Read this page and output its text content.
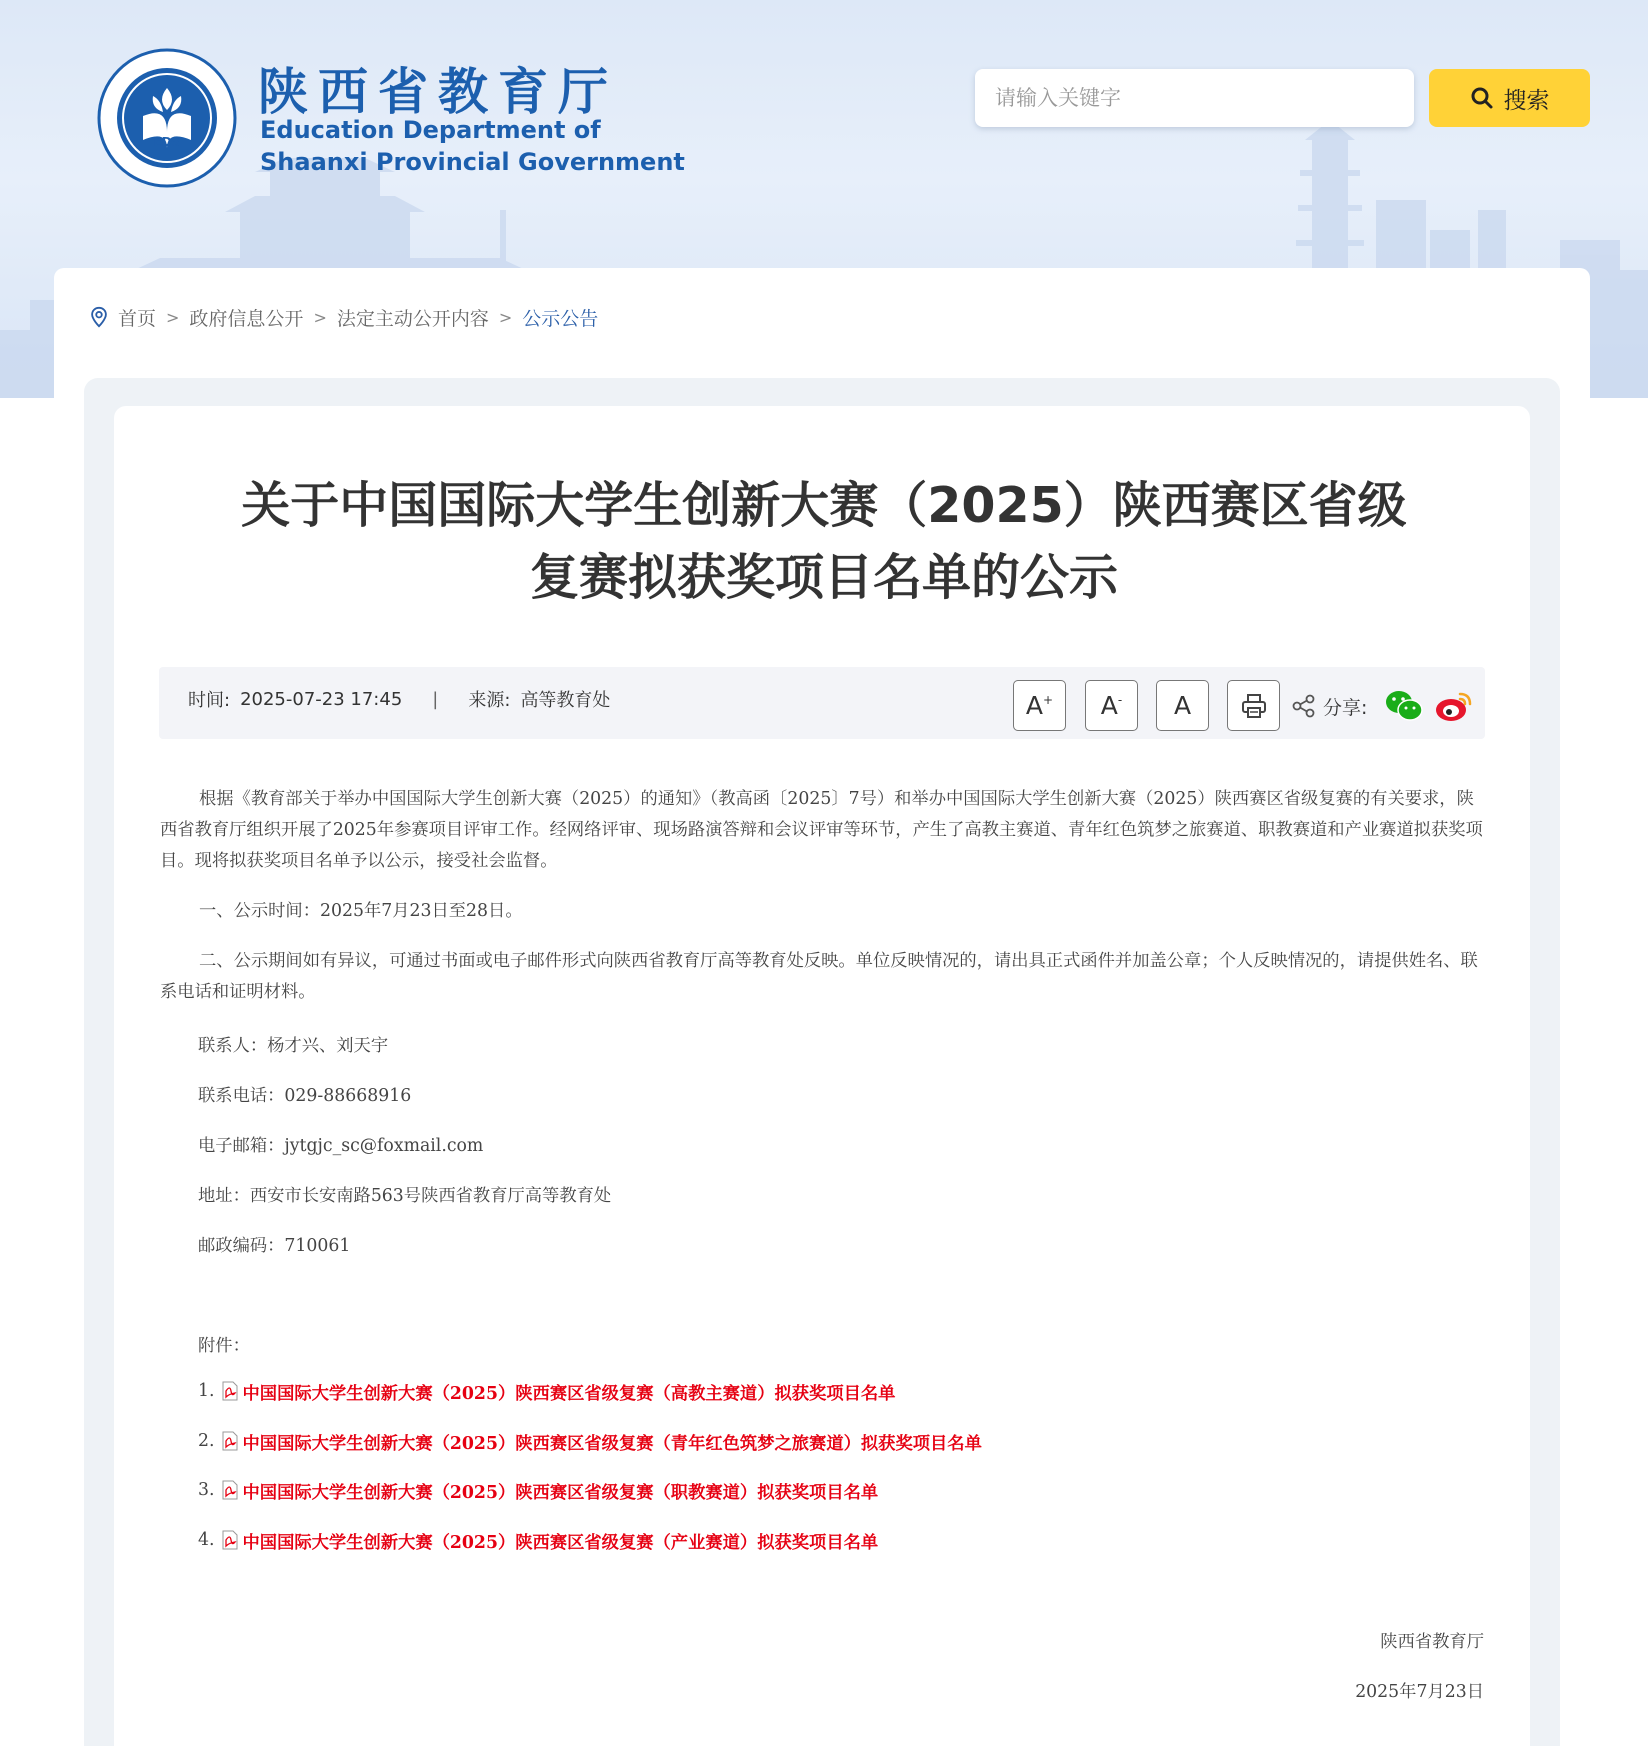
EDS
陕西省教育厅
Education Department of
Shaanxi Provincial Government
请输入关键字
搜索
首页 > 政府信息公开 > 法定主动公开内容 > 公示公告
关于中国国际大学生创新大赛（2025）陕西赛区省级
复赛拟获奖项目名单的公示
时间: 2025-07-23 17:45 | 来源: 高等教育处	A+ A- A	分享:

根据《教育部关于举办中国国际大学生创新大赛（2025）的通知》（教高函〔2025〕7号）和举办中国国际大学生创新大赛（2025）陕西赛区省级复赛的有关要求，陕西省教育厅组织开展了2025年参赛项目评审工作。经网络评审、现场路演答辩和会议评审等环节，产生了高教主赛道、青年红色筑梦之旅赛道、职教赛道和产业赛道拟获奖项目。现将拟获奖项目名单予以公示，接受社会监督。

一、公示时间：2025年7月23日至28日。

二、公示期间如有异议，可通过书面或电子邮件形式向陕西省教育厅高等教育处反映。单位反映情况的，请出具正式函件并加盖公章；个人反映情况的，请提供姓名、联系电话和证明材料。

联系人：杨才兴、刘天宇
联系电话：029-88668916
电子邮箱：jytgjc_sc@foxmail.com
地址：西安市长安南路563号陕西省教育厅高等教育处
邮政编码：710061
附件：
1. 中国国际大学生创新大赛（2025）陕西赛区省级复赛（高教主赛道）拟获奖项目名单
2. 中国国际大学生创新大赛（2025）陕西赛区省级复赛（青年红色筑梦之旅赛道）拟获奖项目名单
3. 中国国际大学生创新大赛（2025）陕西赛区省级复赛（职教赛道）拟获奖项目名单
4. 中国国际大学生创新大赛（2025）陕西赛区省级复赛（产业赛道）拟获奖项目名单
陕西省教育厅
2025年7月23日
